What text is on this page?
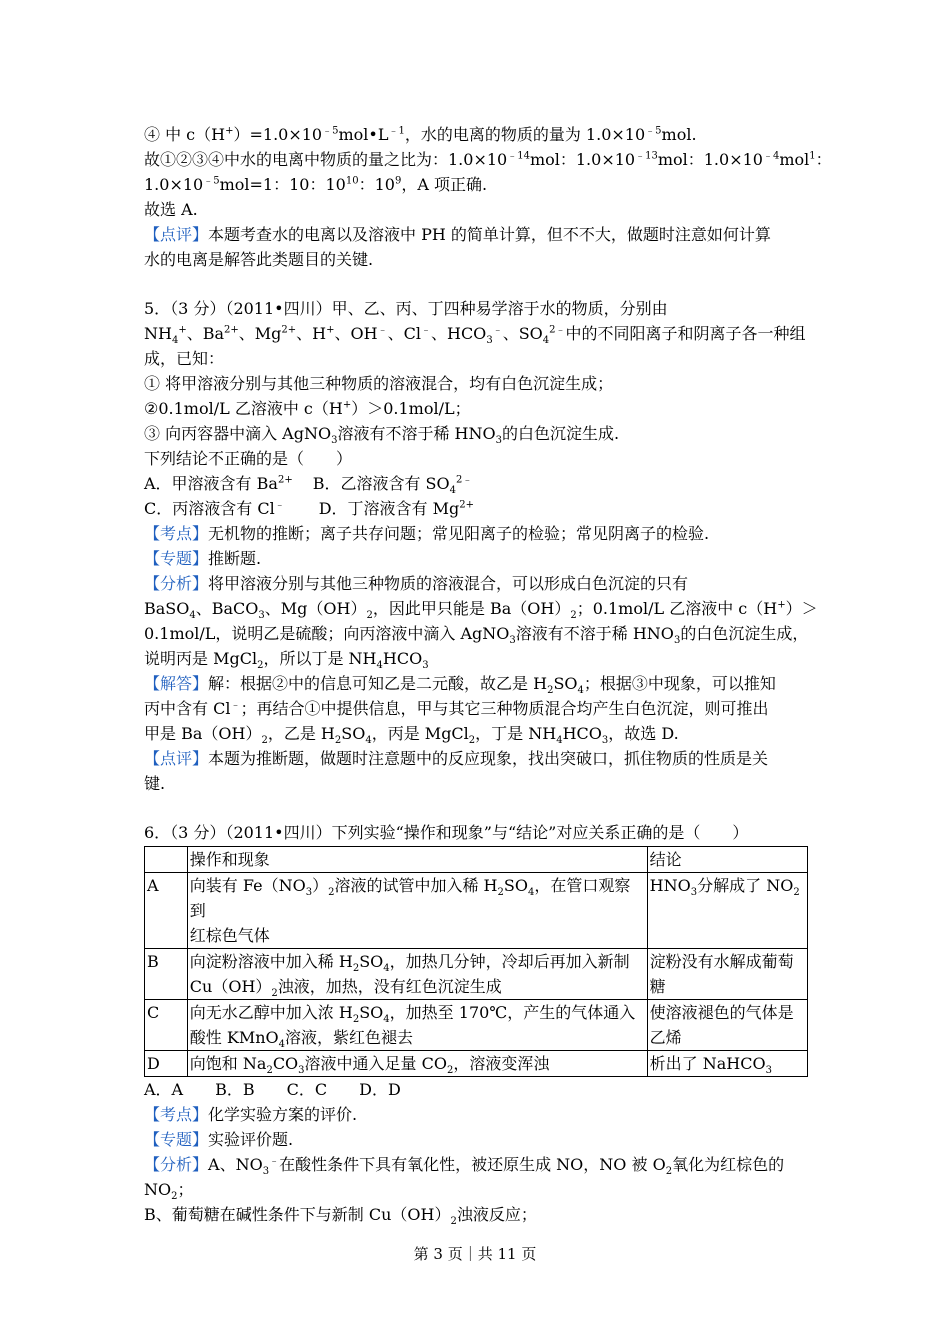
④ 中 $c(H^+)=1.0\times 10^{﹣5}mol•L^{﹣1}$，水的电离的物质的量为 $1.0\times 10^{﹣5}mol$.
故①②③④中水的电离中物质的量之比为：$1.0\times 10^{﹣14}mol$：$1.0\times 10^{﹣13}mol$：$1.0\times 10^{﹣4}mol^1$：
$1.0\times 10^{﹣5}mol=1$：10：$10^{10}$：$10^9$，A 项正确.
故选 A.
【点评】本题考查水的电离以及溶液中 PH 的简单计算，但不不大，做题时注意如何计算
水的电离是解答此类题目的关键.
5．（3 分）（2011•四川）甲、乙、丙、丁四种易学溶于水的物质，分别由
$NH_4^+$、$Ba^{2+}$、$Mg^{2+}$、H+、OH﹣、Cl﹣、$HCO_3^﹣$、$SO_4^{2﹣}$中的不同阳离子和阴离子各一种组
成，已知：
① 将甲溶液分别与其他三种物质的溶液混合，均有白色沉淀生成；
②0.1mol/L 乙溶液中 c（H+）＞0.1mol/L；
③ 向丙容器中滴入 AgNO$_3$溶液有不溶于稀 $HNO_3$的白色沉淀生成.
下列结论不正确的是（　　）
A．甲溶液含有 $Ba^{2+}$ B．乙溶液含有 $SO_4^{2﹣}$
C．丙溶液含有 Cl﹣ D．丁溶液含有 $Mg^{2+}$
【考点】无机物的推断；离子共存问题；常见阳离子的检验；常见阴离子的检验.
【专题】推断题.
【分析】将甲溶液分别与其他三种物质的溶液混合，可以形成白色沉淀的只有
BaSO$_4$、BaCO$_3$、$Mg(OH)_2$，因此甲只能是 $Ba(OH)_2$；0.1mol/L 乙溶液中 c（H+）＞
0.1mol/L，说明乙是硫酸；向丙溶液中滴入 AgNO$_3$溶液有不溶于稀 $HNO_3$的白色沉淀生成，
说明丙是 MgCl$_2$，所以丁是 $NH_4HCO_3$
【解答】解：根据②中的信息可知乙是二元酸，故乙是 $H_2SO_4$；根据③中现象，可以推知
丙中含有 Cl﹣；再结合①中提供信息，甲与其它三种物质混合均产生白色沉淀，则可推出
甲是 $Ba(OH)_2$，乙是 $H_2SO_4$，丙是 MgCl$_2$，丁是 $NH_4HCO_3$，故选 D.
【点评】本题为推断题，做题时注意题中的反应现象，找出突破口，抓住物质的性质是关
键.
6．（3 分）（2011•四川）下列实验“操作和现象”与“结论”对应关系正确的是（　　）
	操作和现象	结论
A	向装有 $Fe(NO_3)_2$溶液的试管中加入稀 $H_2SO_4$，在管口观察到
红棕色气体	$HNO_3$分解成了 $NO_2$
B	向淀粉溶液中加入稀 $H_2SO_4$，加热几分钟，冷却后再加入新制
$Cu(OH)_2$浊液，加热，没有红色沉淀生成	淀粉没有水解成葡萄
糖
C	向无水乙醇中加入浓 $H_2SO_4$，加热至 170℃，产生的气体通入
酸性 KMnO$_4$溶液，紫红色褪去	使溶液褪色的气体是
乙烯
D	向饱和 $Na_2CO_3$溶液中通入足量 $CO_2$，溶液变浑浊	析出了 NaHCO$_3$
A．A　　B．B　　C．C　　D．D
【考点】化学实验方案的评价.
【专题】实验评价题.
【分析】A、$NO_3^﹣$在酸性条件下具有氧化性，被还原生成 NO，NO 被 $O_2$氧化为红棕色的
$NO_2$；
B、葡萄糖在碱性条件下与新制 $Cu(OH)_2$浊液反应；
第 3 页｜共 11 页
